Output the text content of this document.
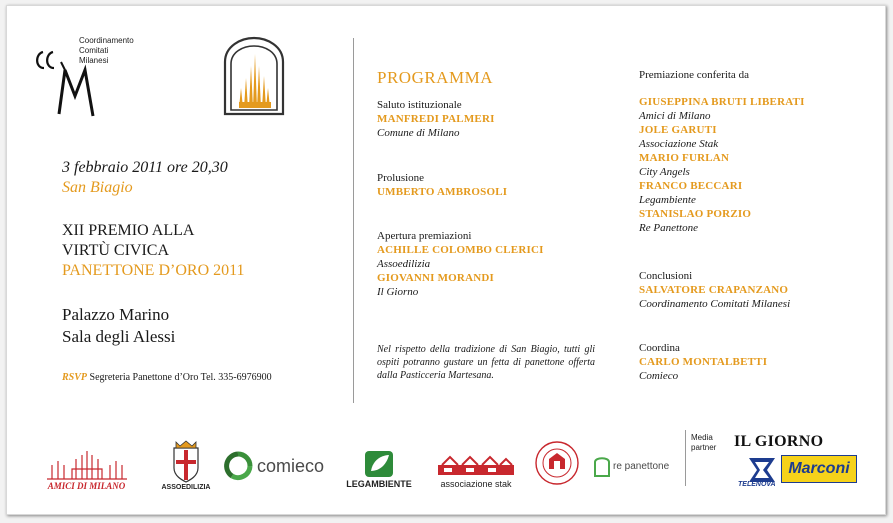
Coordinamento
Comitati
Milanesi
3 febbraio 2011 ore 20,30
San Biagio
XII PREMIO ALLA
VIRTÙ CIVICA
PANETTONE D’ORO 2011
Palazzo Marino
Sala degli Alessi
RSVP Segreteria Panettone d’Oro Tel. 335-6976900
PROGRAMMA
Saluto istituzionale
MANFREDI PALMERI
Comune di Milano
Prolusione
UMBERTO AMBROSOLI
Apertura premiazioni
ACHILLE COLOMBO CLERICI
Assoedilizia
GIOVANNI MORANDI
Il Giorno
Nel rispetto della tradizione di San Biagio, tutti gli ospiti potranno gustare un fetta di panettone offerta dalla Pasticceria Martesana.
Premiazione conferita da
GIUSEPPINA BRUTI LIBERATI
Amici di Milano
JOLE GARUTI
Associazione Stak
MARIO FURLAN
City Angels
FRANCO BECCARI
Legambiente
STANISLAO PORZIO
Re Panettone
Conclusioni
SALVATORE CRAPANZANO
Coordinamento Comitati Milanesi
Coordina
CARLO MONTALBETTI
Comieco
AMICI DI MILANO	ASSOEDILIZIA
comieco
LEGAMBIENTE	associazione stak
re panettone
Media
partner IL GIORNO
TELENOVA
Marconi
